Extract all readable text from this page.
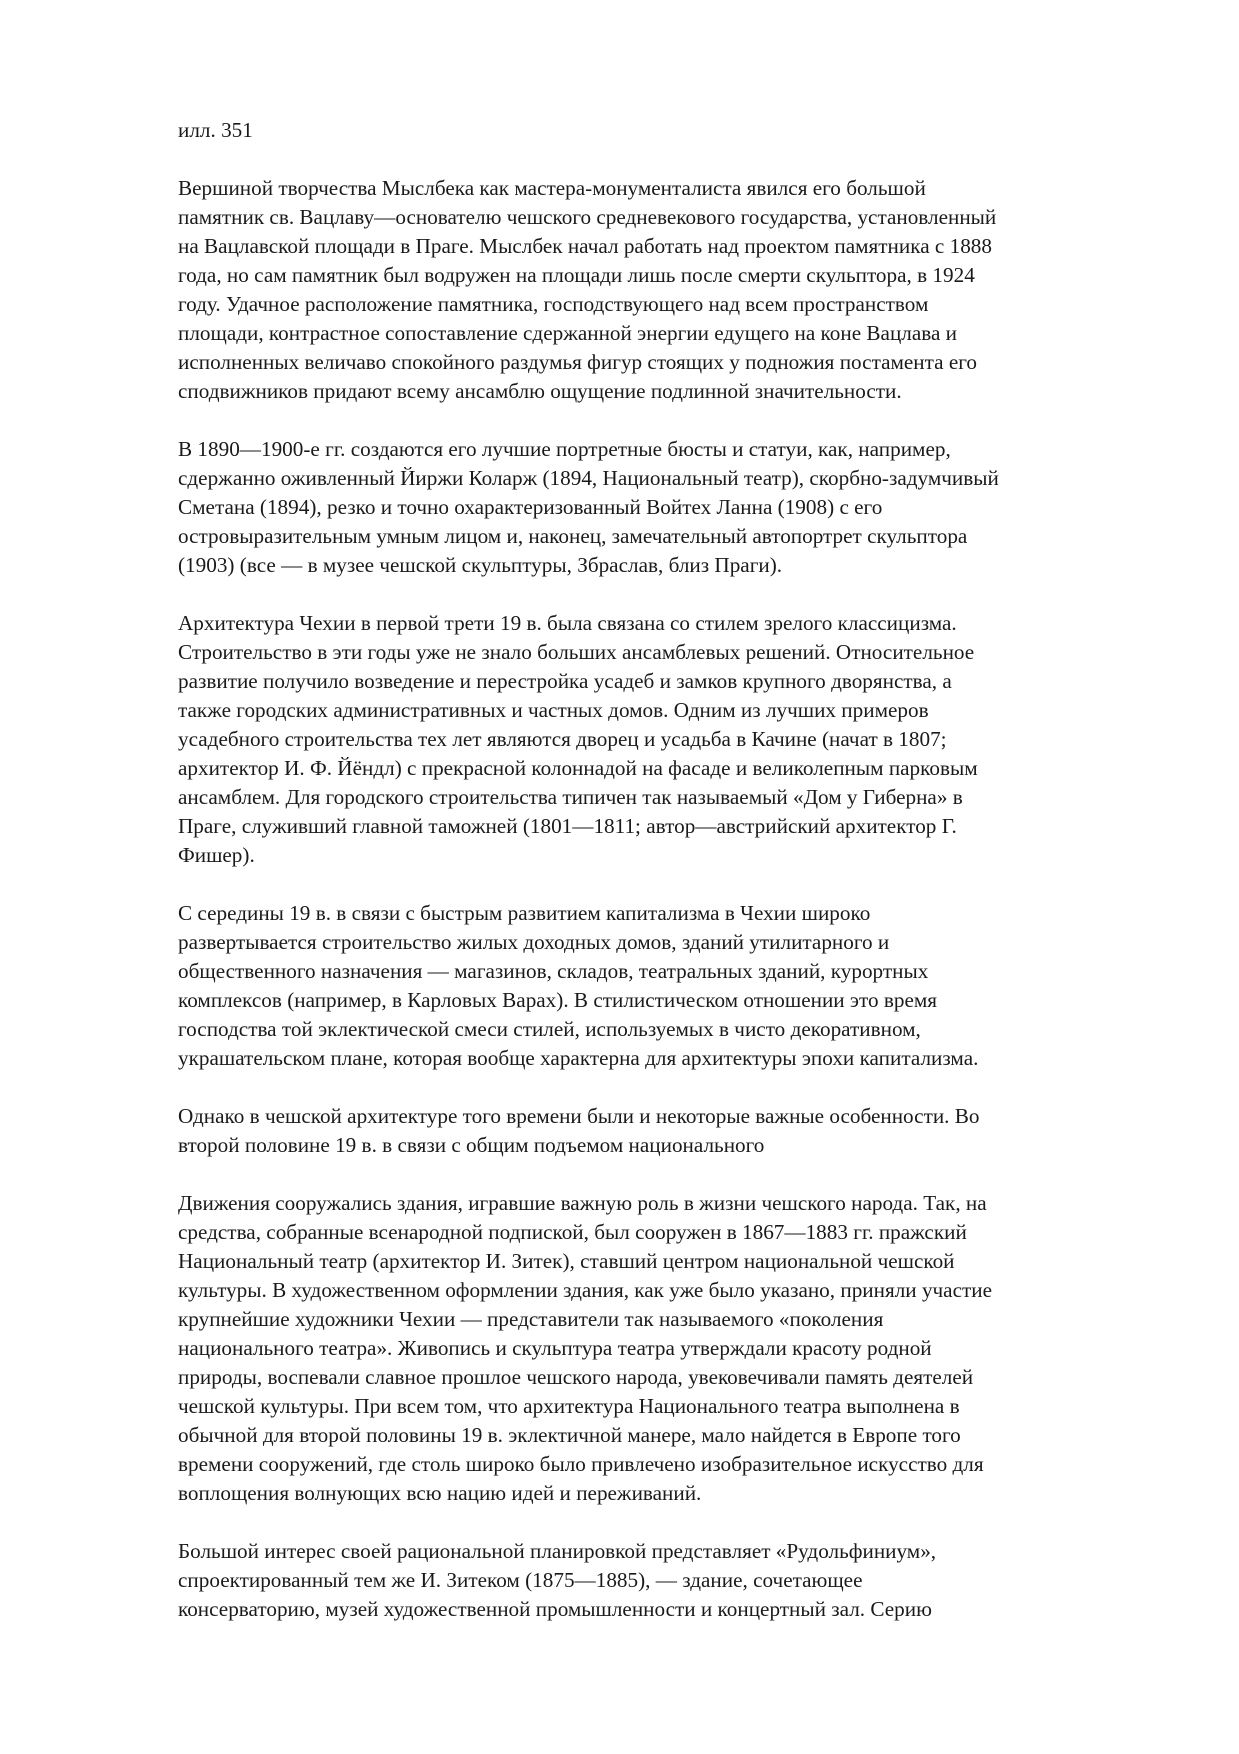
илл. 351

Вершиной творчества Мыслбека как мастера-монументалиста явился его большой
памятник св. Вацлаву—основателю чешского средневекового государства, установленный
на Вацлавской площади в Праге. Мыслбек начал работать над проектом памятника с 1888
года, но сам памятник был водружен на площади лишь после смерти скульптора, в 1924
году. Удачное расположение памятника, господствующего над всем пространством
площади, контрастное сопоставление сдержанной энергии едущего на коне Вацлава и
исполненных величаво спокойного раздумья фигур стоящих у подножия постамента его
сподвижников придают всему ансамблю ощущение подлинной значительности.

В 1890—1900-е гг. создаются его лучшие портретные бюсты и статуи, как, например,
сдержанно оживленный Йиржи Коларж (1894, Национальный театр), скорбно-задумчивый
Сметана (1894), резко и точно охарактеризованный Войтех Ланна (1908) с его
островыразительным умным лицом и, наконец, замечательный автопортрет скульптора
(1903) (все — в музее чешской скульптуры, Збраслав, близ Праги).

Архитектура Чехии в первой трети 19 в. была связана со стилем зрелого классицизма.
Строительство в эти годы уже не знало больших ансамблевых решений. Относительное
развитие получило возведение и перестройка усадеб и замков крупного дворянства, а
также городских административных и частных домов. Одним из лучших примеров
усадебного строительства тех лет являются дворец и усадьба в Качине (начат в 1807;
архитектор И. Ф. Йёндл) с прекрасной колоннадой на фасаде и великолепным парковым
ансамблем. Для городского строительства типичен так называемый «Дом у Гиберна» в
Праге, служивший главной таможней (1801—1811; автор—австрийский архитектор Г.
Фишер).

С середины 19 в. в связи с быстрым развитием капитализма в Чехии широко
развертывается строительство жилых доходных домов, зданий утилитарного и
общественного назначения — магазинов, складов, театральных зданий, курортных
комплексов (например, в Карловых Варах). В стилистическом отношении это время
господства той эклектической смеси стилей, используемых в чисто декоративном,
украшательском плане, которая вообще характерна для архитектуры эпохи капитализма.

Однако в чешской архитектуре того времени были и некоторые важные особенности. Во
второй половине 19 в. в связи с общим подъемом национального

Движения сооружались здания, игравшие важную роль в жизни чешского народа. Так, на
средства, собранные всенародной подпиской, был сооружен в 1867—1883 гг. пражский
Национальный театр (архитектор И. Зитек), ставший центром национальной чешской
культуры. В художественном оформлении здания, как уже было указано, приняли участие
крупнейшие художники Чехии — представители так называемого «поколения
национального театра». Живопись и скульптура театра утверждали красоту родной
природы, воспевали славное прошлое чешского народа, увековечивали память деятелей
чешской культуры. При всем том, что архитектура Национального театра выполнена в
обычной для второй половины 19 в. эклектичной манере, мало найдется в Европе того
времени сооружений, где столь широко было привлечено изобразительное искусство для
воплощения волнующих всю нацию идей и переживаний.

Большой интерес своей рациональной планировкой представляет «Рудольфиниум»,
спроектированный тем же И. Зитеком (1875—1885), — здание, сочетающее
консерваторию, музей художественной промышленности и концертный зал. Серию
